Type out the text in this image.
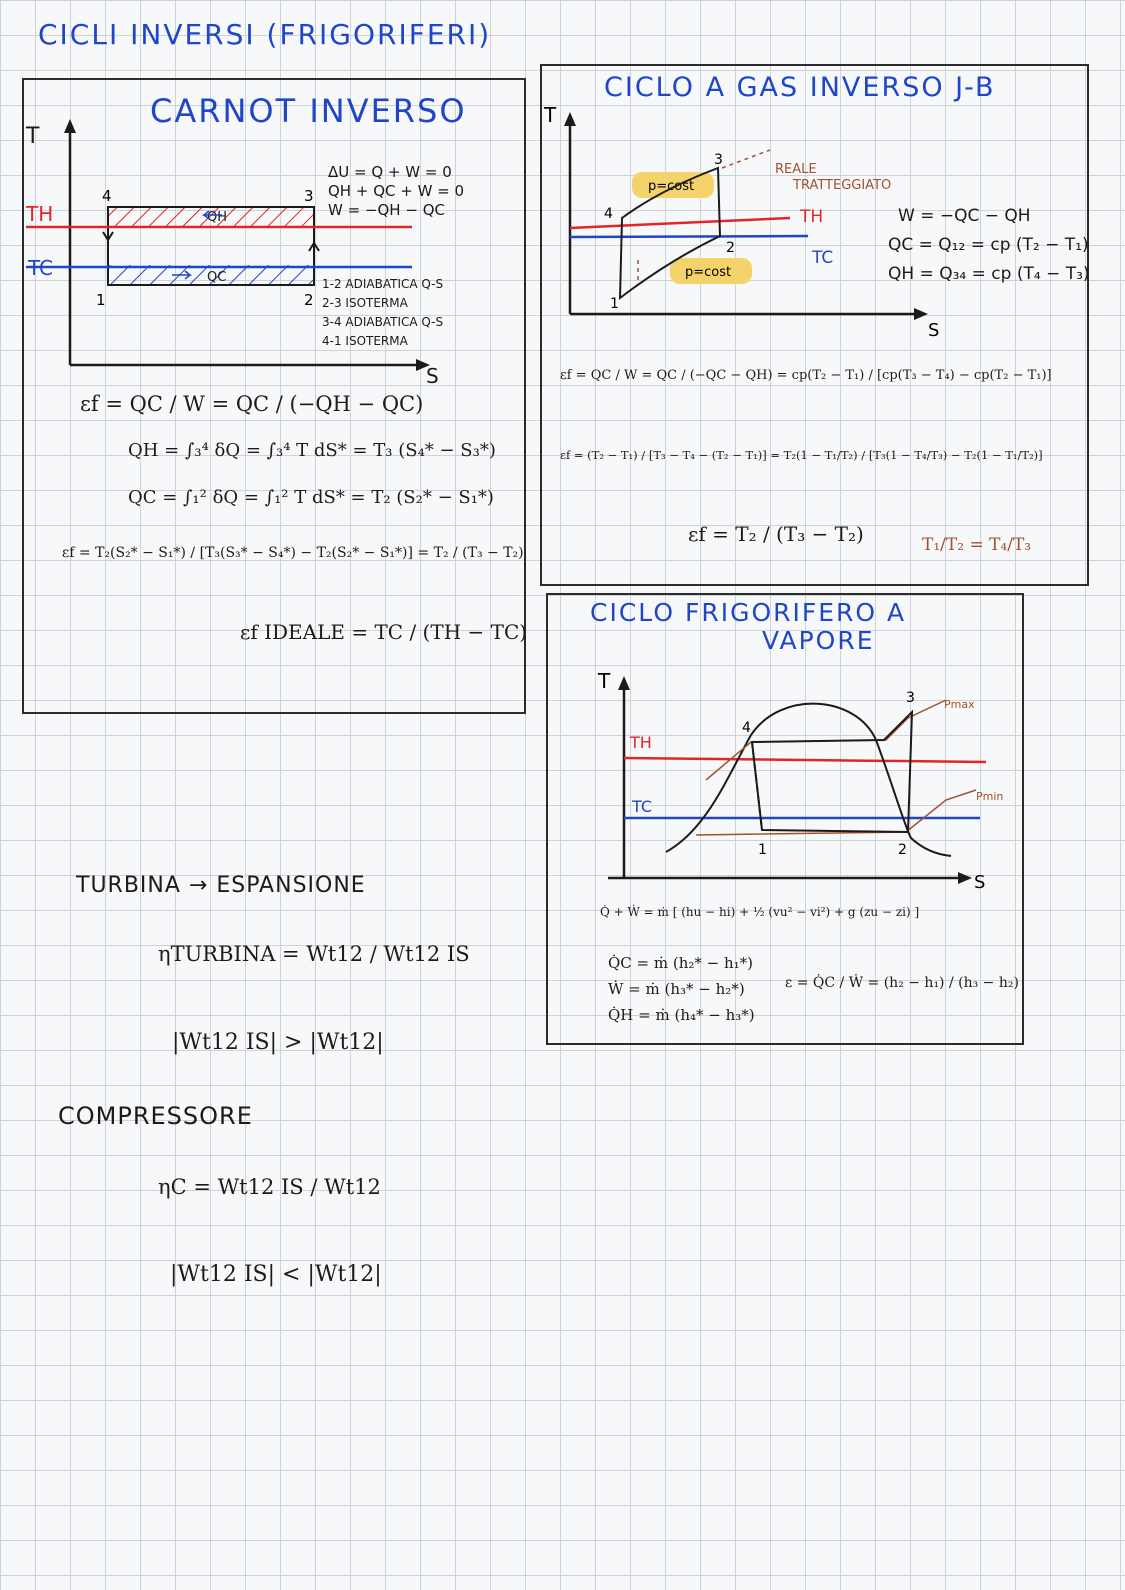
CICLI INVERSI (FRIGORIFERI)
CARNOT INVERSO
T
S
TH
TC
4	3
1	2
QH
QC
ΔU = Q + W = 0
QH + QC + W = 0
W = −QH − QC
1-2 ADIABATICA Q-S
2-3 ISOTERMA
3-4 ADIABATICA Q-S
4-1 ISOTERMA
εf = QC / W = QC / (−QH − QC)
QH = ∫₃⁴ δQ = ∫₃⁴ T dS* = T₃ (S₄* − S₃*)
QC = ∫₁² δQ = ∫₁² T dS* = T₂ (S₂* − S₁*)
εf = T₂(S₂* − S₁*) / [T₃(S₃* − S₄*) − T₂(S₂* − S₁*)] = T₂ / (T₃ − T₂)
εf IDEALE = TC / (TH − TC)
CICLO A GAS INVERSO J-B
T
S
p=cost
p=cost
TH
TC
1
2
3
4
REALE
TRATTEGGIATO
W = −QC − QH
QC = Q₁₂ = cp (T₂ − T₁)
QH = Q₃₄ = cp (T₄ − T₃)
εf = QC / W = QC / (−QC − QH) = cp(T₂ − T₁) / [cp(T₃ − T₄) − cp(T₂ − T₁)]
εf = (T₂ − T₁) / [T₃ − T₄ − (T₂ − T₁)] = T₂(1 − T₁/T₂) / [T₃(1 − T₄/T₃) − T₂(1 − T₁/T₂)]
εf = T₂ / (T₃ − T₂)	T₁/T₂ = T₄/T₃
CICLO FRIGORIFERO A
VAPORE
T
S
TH
TC
1	2
3
4
Pmax
Pmin
Q̇ + Ẇ = ṁ [ (hu − hi) + ½ (vu² − vi²) + g (zu − zi) ]
Q̇C = ṁ (h₂* − h₁*)
Ẇ = ṁ (h₃* − h₂*)
Q̇H = ṁ (h₄* − h₃*)
ε = Q̇C / Ẇ = (h₂ − h₁) / (h₃ − h₂)
TURBINA → ESPANSIONE
ηTURBINA = Wt12 / Wt12 IS
|Wt12 IS| > |Wt12|
COMPRESSORE
ηC = Wt12 IS / Wt12
|Wt12 IS| < |Wt12|
